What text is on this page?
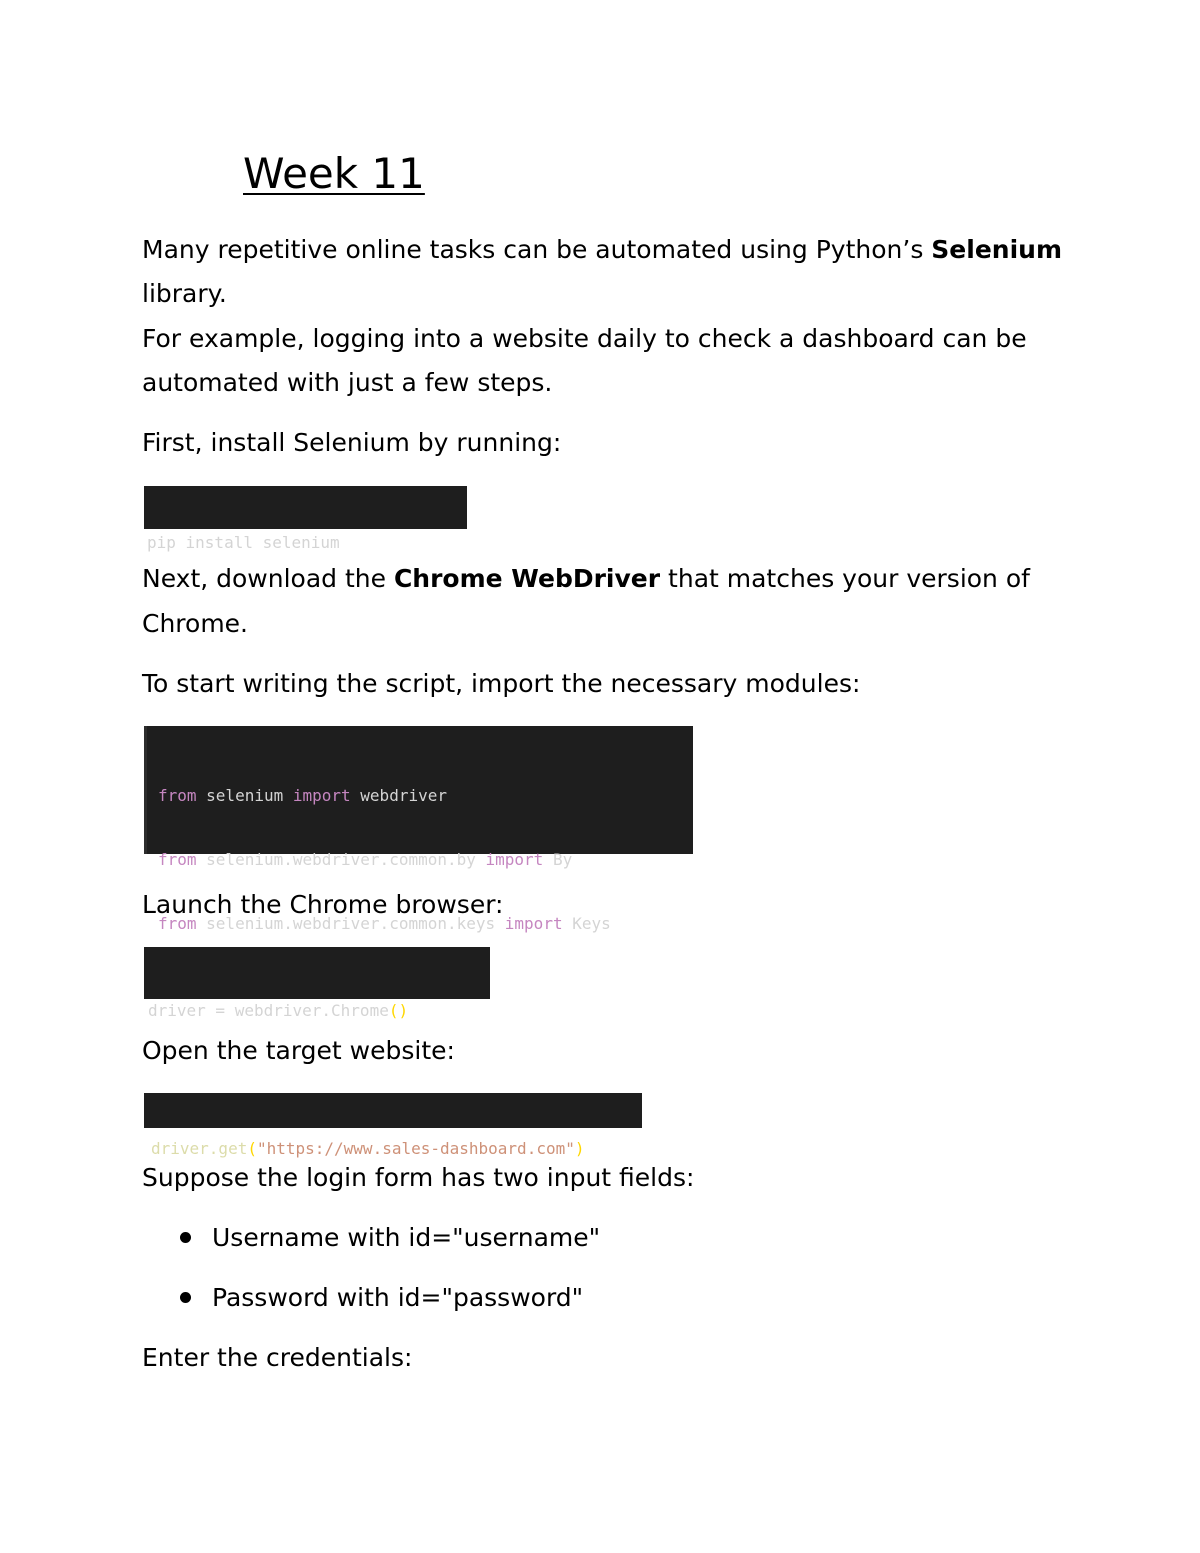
Week 11

Many repetitive online tasks can be automated using Python’s Selenium

library.

For example, logging into a website daily to check a dashboard can be

automated with just a few steps.

First, install Selenium by running:

pip install selenium

Next, download the Chrome WebDriver that matches your version of

Chrome.

To start writing the script, import the necessary modules:

from selenium import webdriver

from selenium.webdriver.common.by import By

from selenium.webdriver.common.keys import Keys

Launch the Chrome browser:

driver = webdriver.Chrome()

Open the target website:

driver.get("https://www.sales-dashboard.com")

Suppose the login form has two input fields:

Username with id="username"
Password with id="password"

Enter the credentials:
